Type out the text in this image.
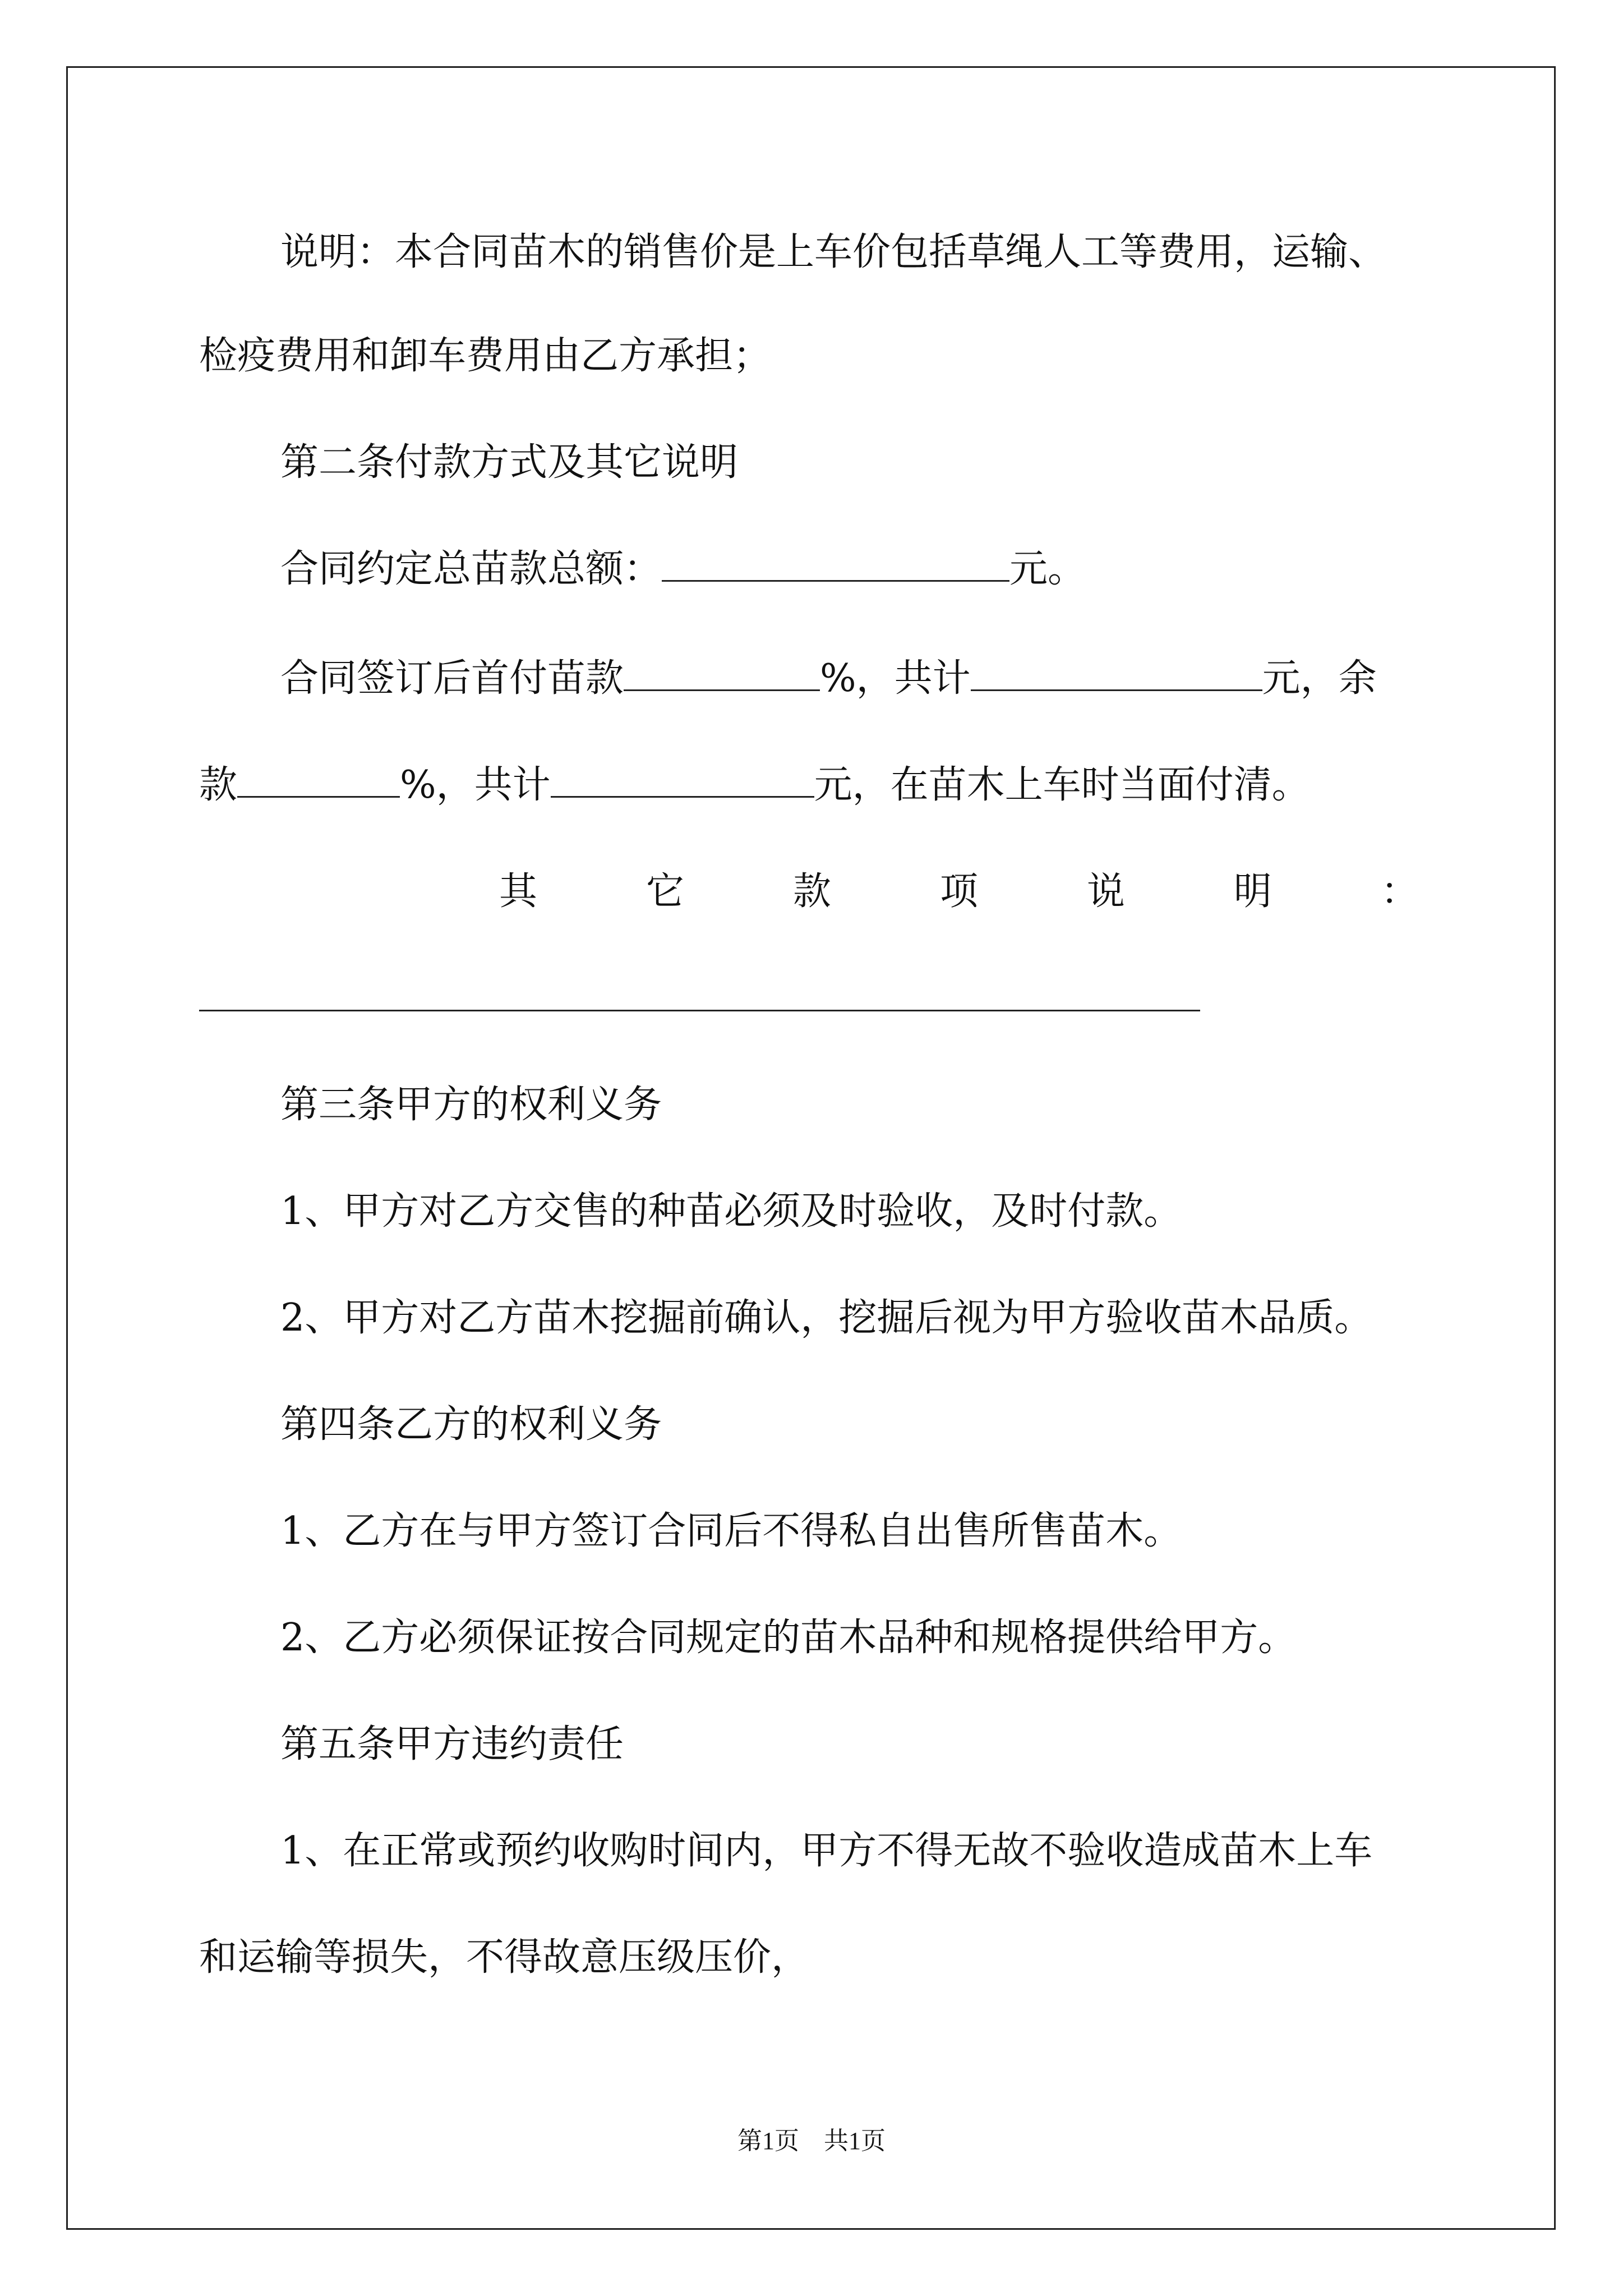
说明：本合同苗木的销售价是上车价包括草绳人工等费用，运输、
检疫费用和卸车费用由乙方承担；
第二条付款方式及其它说明
合同约定总苗款总额：	元。
合同签订后首付苗款	%，共计	元，余
款	%，共计	元，在苗木上车时当面付清。
其	它	款	项	说	明	：
第三条甲方的权利义务
1、甲方对乙方交售的种苗必须及时验收，及时付款。
2、甲方对乙方苗木挖掘前确认，挖掘后视为甲方验收苗木品质。
第四条乙方的权利义务
1、乙方在与甲方签订合同后不得私自出售所售苗木。
2、乙方必须保证按合同规定的苗木品种和规格提供给甲方。
第五条甲方违约责任
1、在正常或预约收购时间内，甲方不得无故不验收造成苗木上车
和运输等损失，不得故意压级压价，
第1页　共1页
